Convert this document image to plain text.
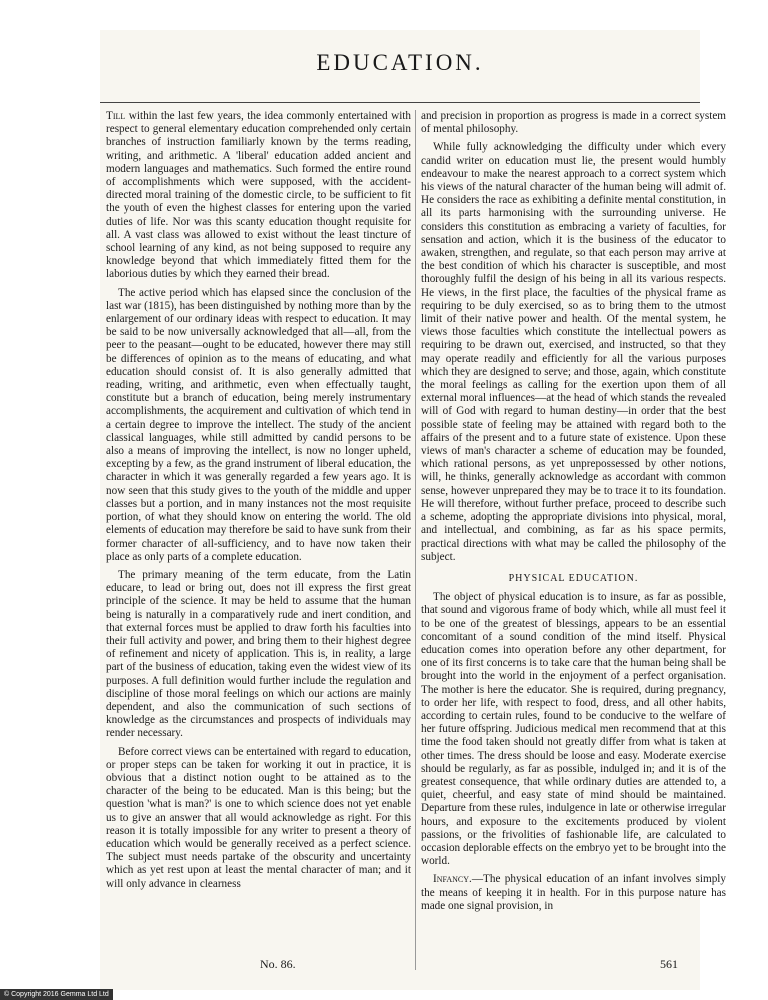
EDUCATION.

Till within the last few years, the idea commonly entertained with respect to general elementary education comprehended only certain branches of instruction familiarly known by the terms reading, writing, and arithmetic. A 'liberal' education added ancient and modern languages and mathematics. Such formed the entire round of accomplishments which were supposed, with the accident-directed moral training of the domestic circle, to be sufficient to fit the youth of even the highest classes for entering upon the varied duties of life. Nor was this scanty education thought requisite for all. A vast class was allowed to exist without the least tincture of school learning of any kind, as not being supposed to require any knowledge beyond that which immediately fitted them for the laborious duties by which they earned their bread.

The active period which has elapsed since the conclusion of the last war (1815), has been distinguished by nothing more than by the enlargement of our ordinary ideas with respect to education. It may be said to be now universally acknowledged that all—all, from the peer to the peasant—ought to be educated, however there may still be differences of opinion as to the means of educating, and what education should consist of. It is also generally admitted that reading, writing, and arithmetic, even when effectually taught, constitute but a branch of education, being merely instrumentary accomplishments, the acquirement and cultivation of which tend in a certain degree to improve the intellect. The study of the ancient classical languages, while still admitted by candid persons to be also a means of improving the intellect, is now no longer upheld, excepting by a few, as the grand instrument of liberal education, the character in which it was generally regarded a few years ago. It is now seen that this study gives to the youth of the middle and upper classes but a portion, and in many instances not the most requisite portion, of what they should know on entering the world. The old elements of education may therefore be said to have sunk from their former character of all-sufficiency, and to have now taken their place as only parts of a complete education.

The primary meaning of the term educate, from the Latin educare, to lead or bring out, does not ill express the first great principle of the science. It may be held to assume that the human being is naturally in a comparatively rude and inert condition, and that external forces must be applied to draw forth his faculties into their full activity and power, and bring them to their highest degree of refinement and nicety of application. This is, in reality, a large part of the business of education, taking even the widest view of its purposes. A full definition would further include the regulation and discipline of those moral feelings on which our actions are mainly dependent, and also the communication of such sections of knowledge as the circumstances and prospects of individuals may render necessary.

Before correct views can be entertained with regard to education, or proper steps can be taken for working it out in practice, it is obvious that a distinct notion ought to be attained as to the character of the being to be educated. Man is this being; but the question 'what is man?' is one to which science does not yet enable us to give an answer that all would acknowledge as right. For this reason it is totally impossible for any writer to present a theory of education which would be generally received as a perfect science. The subject must needs partake of the obscurity and uncertainty which as yet rest upon at least the mental character of man; and it will only advance in clearness

and precision in proportion as progress is made in a correct system of mental philosophy.

While fully acknowledging the difficulty under which every candid writer on education must lie, the present would humbly endeavour to make the nearest approach to a correct system which his views of the natural character of the human being will admit of. He considers the race as exhibiting a definite mental constitution, in all its parts harmonising with the surrounding universe. He considers this constitution as embracing a variety of faculties, for sensation and action, which it is the business of the educator to awaken, strengthen, and regulate, so that each person may arrive at the best condition of which his character is susceptible, and most thoroughly fulfil the design of his being in all its various respects. He views, in the first place, the faculties of the physical frame as requiring to be duly exercised, so as to bring them to the utmost limit of their native power and health. Of the mental system, he views those faculties which constitute the intellectual powers as requiring to be drawn out, exercised, and instructed, so that they may operate readily and efficiently for all the various purposes which they are designed to serve; and those, again, which constitute the moral feelings as calling for the exertion upon them of all external moral influences—at the head of which stands the revealed will of God with regard to human destiny—in order that the best possible state of feeling may be attained with regard both to the affairs of the present and to a future state of existence. Upon these views of man's character a scheme of education may be founded, which rational persons, as yet unprepossessed by other notions, will, he thinks, generally acknowledge as accordant with common sense, however unprepared they may be to trace it to its foundation. He will therefore, without further preface, proceed to describe such a scheme, adopting the appropriate divisions into physical, moral, and intellectual, and combining, as far as his space permits, practical directions with what may be called the philosophy of the subject.

PHYSICAL EDUCATION.

The object of physical education is to insure, as far as possible, that sound and vigorous frame of body which, while all must feel it to be one of the greatest of blessings, appears to be an essential concomitant of a sound condition of the mind itself. Physical education comes into operation before any other department, for one of its first concerns is to take care that the human being shall be brought into the world in the enjoyment of a perfect organisation. The mother is here the educator. She is required, during pregnancy, to order her life, with respect to food, dress, and all other habits, according to certain rules, found to be conducive to the welfare of her future offspring. Judicious medical men recommend that at this time the food taken should not greatly differ from what is taken at other times. The dress should be loose and easy. Moderate exercise should be regularly, as far as possible, indulged in; and it is of the greatest consequence, that while ordinary duties are attended to, a quiet, cheerful, and easy state of mind should be maintained. Departure from these rules, indulgence in late or otherwise irregular hours, and exposure to the excitements produced by violent passions, or the frivolities of fashionable life, are calculated to occasion deplorable effects on the embryo yet to be brought into the world.

Infancy.—The physical education of an infant involves simply the means of keeping it in health. For in this purpose nature has made one signal provision, in

No. 86.	561
© Copyright 2016 Gemma Ltd Ltd
